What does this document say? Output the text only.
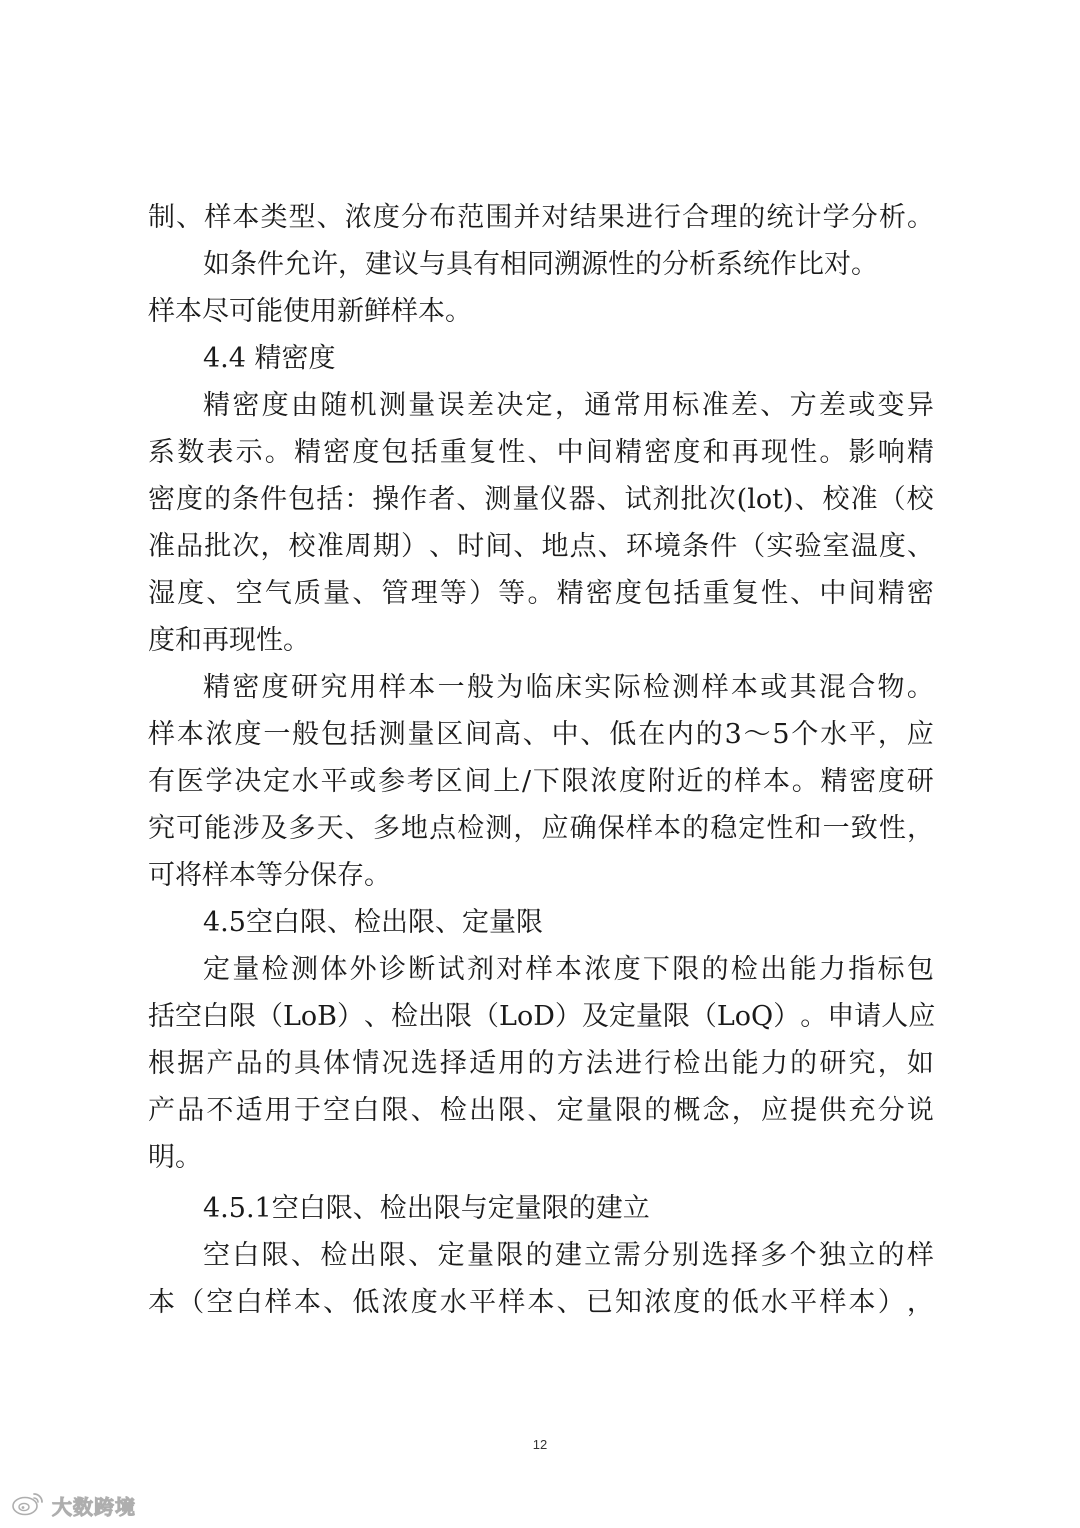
制 、 样 本 类 型 、 浓 度 分 布 范 围 并 对 结 果 进 行 合 理 的 统 计 学 分 析 。
如条件允许，建议与具有相同溯源性的分析系统作比对。
样本尽可能使用新鲜样本。
4.4 精密度
精 密 度 由 随 机 测 量 误 差 决 定 ， 通 常 用 标 准 差 、 方 差 或 变 异
系 数 表 示 。 精 密 度 包 括 重 复 性 、 中 间 精 密 度 和 再 现 性 。 影 响 精
密 度 的 条 件 包 括 ： 操 作 者 、 测 量 仪 器 、 试 剂 批 次 (lot) 、 校 准 （ 校
准 品 批 次 ， 校 准 周 期 ） 、 时 间 、 地 点 、 环 境 条 件 （ 实 验 室 温 度 、
湿 度 、 空 气 质 量 、 管 理 等 ） 等 。 精 密 度 包 括 重 复 性 、 中 间 精 密
度和再现性。
精 密 度 研 究 用 样 本 一 般 为 临 床 实 际 检 测 样 本 或 其 混 合 物 。
样 本 浓 度 一 般 包 括 测 量 区 间 高 、 中 、 低 在 内 的 3 ～ 5 个 水 平 ， 应
有 医 学 决 定 水 平 或 参 考 区 间 上 / 下 限 浓 度 附 近 的 样 本 。 精 密 度 研
究 可 能 涉 及 多 天 、 多 地 点 检 测 ， 应 确 保 样 本 的 稳 定 性 和 一 致 性 ，
可将样本等分保存。
4.5空白限、检出限、定量限
定 量 检 测 体 外 诊 断 试 剂 对 样 本 浓 度 下 限 的 检 出 能 力 指 标 包
括 空 白 限 （ LoB ） 、 检 出 限 （ LoD ） 及 定 量 限 （ LoQ ） 。 申 请 人 应
根 据 产 品 的 具 体 情 况 选 择 适 用 的 方 法 进 行 检 出 能 力 的 研 究 ， 如
产 品 不 适 用 于 空 白 限 、 检 出 限 、 定 量 限 的 概 念 ， 应 提 供 充 分 说
明。
4.5.1空白限、检出限与定量限的建立
空 白 限 、 检 出 限 、 定 量 限 的 建 立 需 分 别 选 择 多 个 独 立 的 样
本 （ 空 白 样 本 、 低 浓 度 水 平 样 本 、 已 知 浓 度 的 低 水 平 样 本 ） ，
12
大数跨境
